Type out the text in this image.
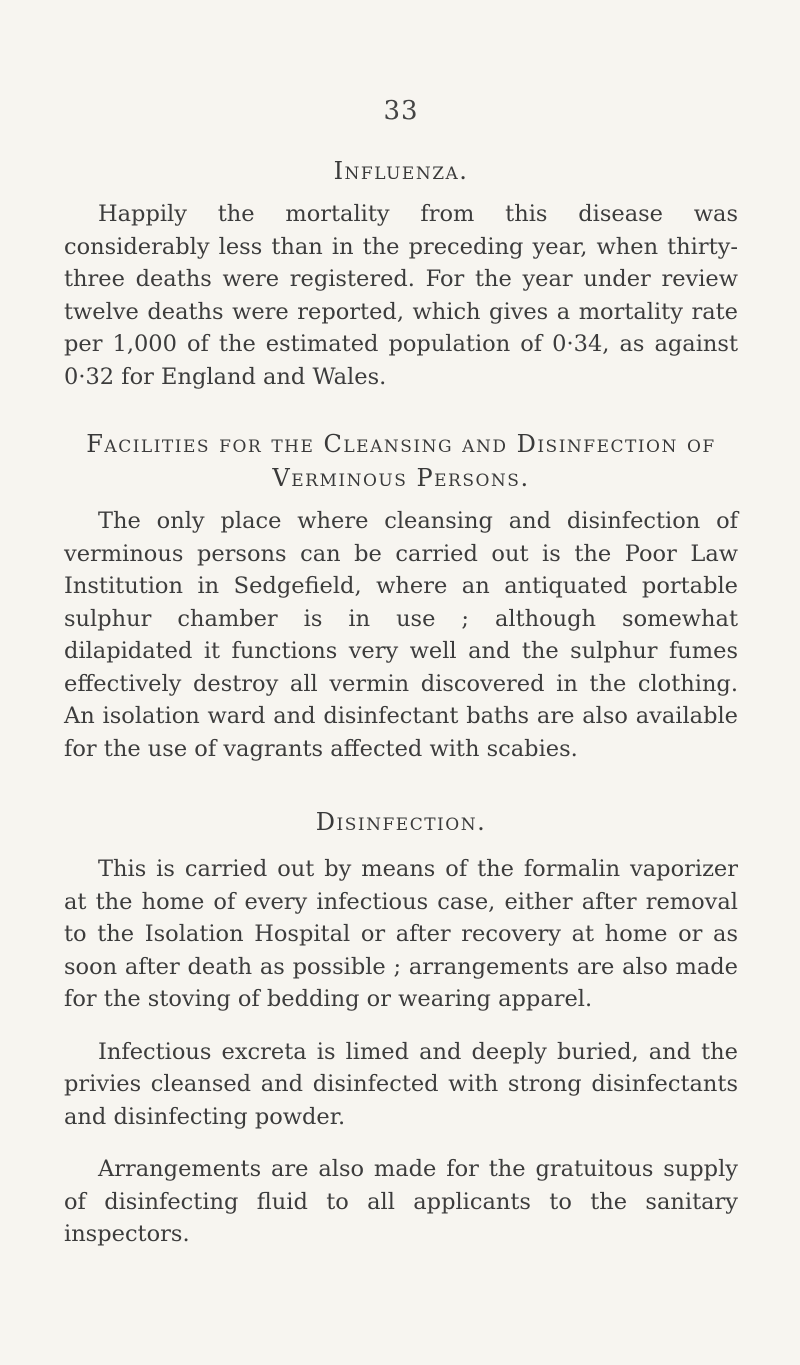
33
Influenza.

Happily the mortality from this disease was considerably less than in the preceding year, when thirty-three deaths were registered. For the year under review twelve deaths were reported, which gives a mortality rate per 1,000 of the estimated population of 0·34, as against 0·32 for England and Wales.

Facilities for the Cleansing and Disinfection of
Verminous Persons.

The only place where cleansing and disinfection of verminous persons can be carried out is the Poor Law Institution in Sedgefield, where an antiquated portable sulphur chamber is in use ; although somewhat dilapidated it functions very well and the sulphur fumes effectively destroy all vermin discovered in the clothing. An isolation ward and disinfectant baths are also available for the use of vagrants affected with scabies.

Disinfection.

This is carried out by means of the formalin vaporizer at the home of every infectious case, either after removal to the Isolation Hospital or after recovery at home or as soon after death as possible ; arrangements are also made for the stoving of bedding or wearing apparel.

Infectious excreta is limed and deeply buried, and the privies cleansed and disinfected with strong disinfectants and disinfecting powder.

Arrangements are also made for the gratuitous supply of disinfecting fluid to all applicants to the sanitary inspectors.
